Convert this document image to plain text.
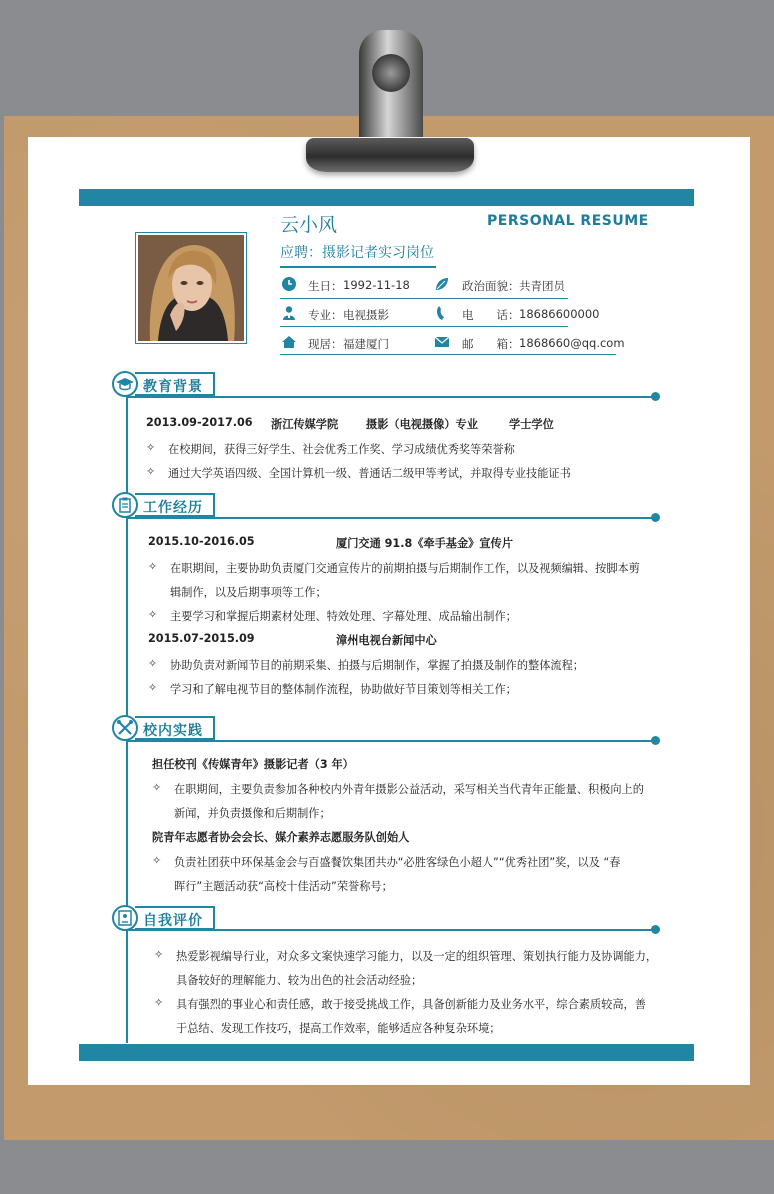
云小风	PERSONAL RESUME
应聘：摄影记者实习岗位
生日： 1992-11-18	政治面貌： 共青团员
专业： 电视摄影	电　　话： 18686600000
现居： 福建厦门	邮　　箱： 1868660@qq.com
教育背景
2013.09-2017.06 浙江传媒学院 摄影（电视摄像）专业	学士学位
✧ 在校期间，获得三好学生、社会优秀工作奖、学习成绩优秀奖等荣誉称
✧ 通过大学英语四级、全国计算机一级、普通话二级甲等考试，并取得专业技能证书
工作经历
2015.10-2016.05	厦门交通 91.8《牵手基金》宣传片
✧ 在职期间，主要协助负责厦门交通宣传片的前期拍摄与后期制作工作，以及视频编辑、按脚本剪
辑制作，以及后期事项等工作；
✧ 主要学习和掌握后期素材处理、特效处理、字幕处理、成品输出制作；
2015.07-2015.09	漳州电视台新闻中心
✧ 协助负责对新闻节目的前期采集、拍摄与后期制作，掌握了拍摄及制作的整体流程；
✧ 学习和了解电视节目的整体制作流程，协助做好节目策划等相关工作；
校内实践
担任校刊《传媒青年》摄影记者（3 年）
✧ 在职期间，主要负责参加各种校内外青年摄影公益活动，采写相关当代青年正能量、积极向上的
新闻，并负责摄像和后期制作；
院青年志愿者协会会长、媒介素养志愿服务队创始人
✧ 负责社团获中环保基金会与百盛餐饮集团共办“必胜客绿色小超人”“优秀社团”奖，以及 “春
晖行”主题活动获“高校十佳活动”荣誉称号；
自我评价
✧ 热爱影视编导行业，对众多文案快速学习能力，以及一定的组织管理、策划执行能力及协调能力，
具备较好的理解能力、较为出色的社会活动经验；
✧ 具有强烈的事业心和责任感，敢于接受挑战工作，具备创新能力及业务水平，综合素质较高，善
于总结、发现工作技巧，提高工作效率，能够适应各种复杂环境；
